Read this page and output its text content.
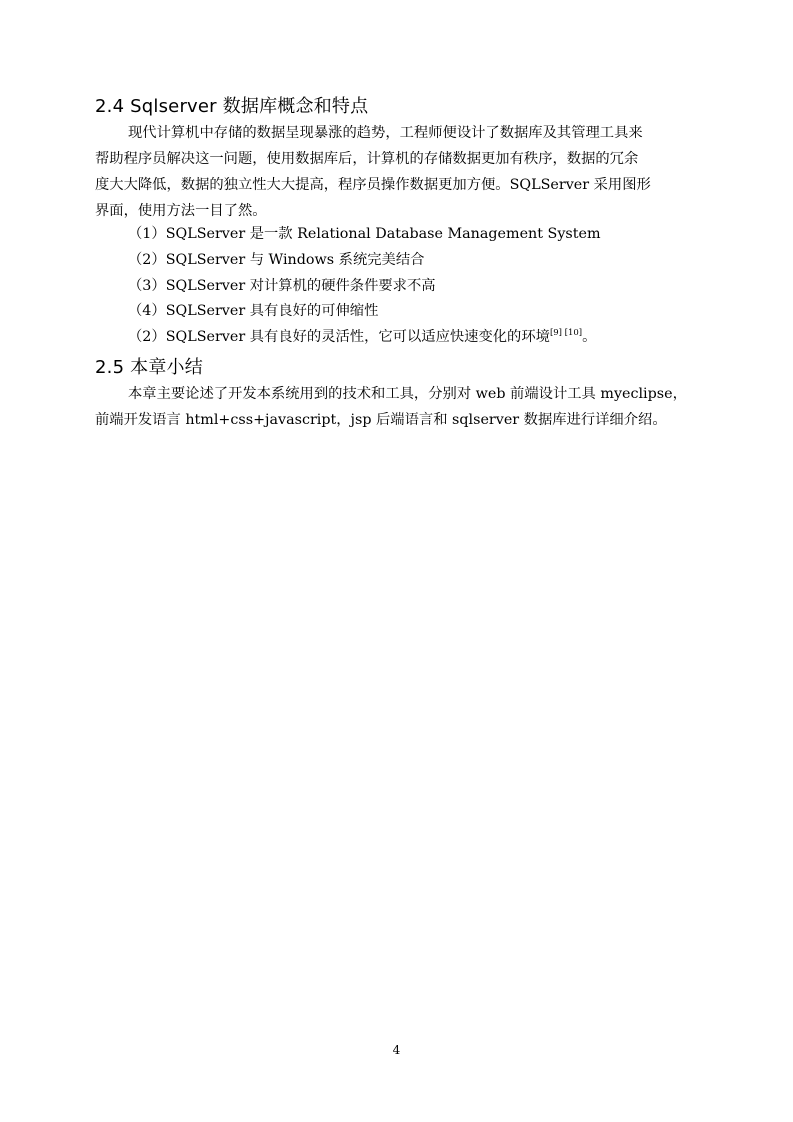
2.4 Sqlserver 数据库概念和特点
现代计算机中存储的数据呈现暴涨的趋势，工程师便设计了数据库及其管理工具来
帮助程序员解决这一问题，使用数据库后，计算机的存储数据更加有秩序，数据的冗余
度大大降低，数据的独立性大大提高，程序员操作数据更加方便。SQLServer 采用图形
界面，使用方法一目了然。
（1）SQLServer 是一款 Relational Database Management System
（2）SQLServer 与 Windows 系统完美结合
（3）SQLServer 对计算机的硬件条件要求不高
（4）SQLServer 具有良好的可伸缩性
（2）SQLServer 具有良好的灵活性，它可以适应快速变化的环境[9] [10]。
2.5 本章小结
本章主要论述了开发本系统用到的技术和工具，分别对 web 前端设计工具 myeclipse，
前端开发语言 html+css+javascript，jsp 后端语言和 sqlserver 数据库进行详细介绍。
4
